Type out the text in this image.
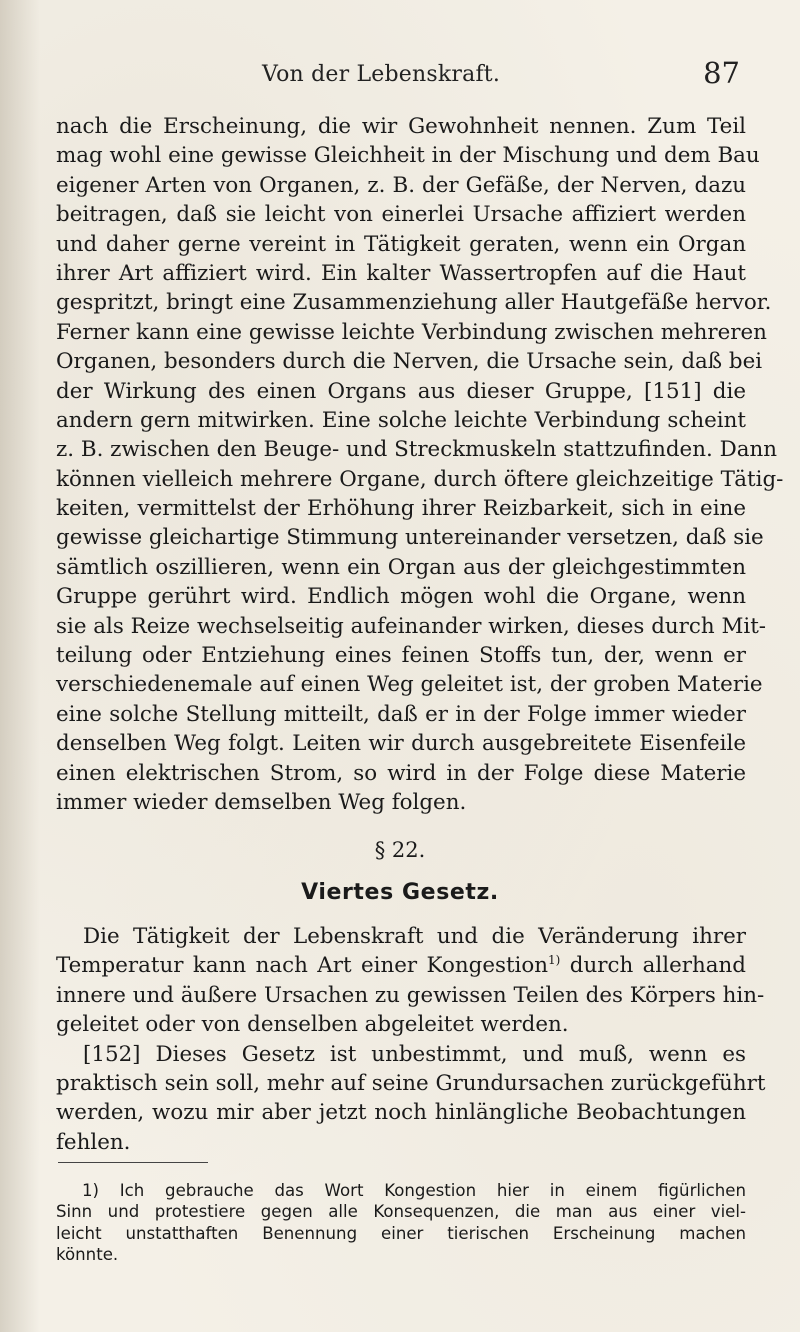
Von der Lebenskraft.	87
nach die Erscheinung, die wir Gewohnheit nennen. Zum Teil
mag wohl eine gewisse Gleichheit in der Mischung und dem Bau
eigener Arten von Organen, z. B. der Gefäße, der Nerven, dazu
beitragen, daß sie leicht von einerlei Ursache affiziert werden
und daher gerne vereint in Tätigkeit geraten, wenn ein Organ
ihrer Art affiziert wird. Ein kalter Wassertropfen auf die Haut
gespritzt, bringt eine Zusammenziehung aller Hautgefäße hervor.
Ferner kann eine gewisse leichte Verbindung zwischen mehreren
Organen, besonders durch die Nerven, die Ursache sein, daß bei
der Wirkung des einen Organs aus dieser Gruppe, [151] die
andern gern mitwirken. Eine solche leichte Verbindung scheint
z. B. zwischen den Beuge- und Streckmuskeln stattzufinden. Dann
können vielleich mehrere Organe, durch öftere gleichzeitige Tätig-
keiten, vermittelst der Erhöhung ihrer Reizbarkeit, sich in eine
gewisse gleichartige Stimmung untereinander versetzen, daß sie
sämtlich oszillieren, wenn ein Organ aus der gleichgestimmten
Gruppe gerührt wird. Endlich mögen wohl die Organe, wenn
sie als Reize wechselseitig aufeinander wirken, dieses durch Mit-
teilung oder Entziehung eines feinen Stoffs tun, der, wenn er
verschiedenemale auf einen Weg geleitet ist, der groben Materie
eine solche Stellung mitteilt, daß er in der Folge immer wieder
denselben Weg folgt. Leiten wir durch ausgebreitete Eisenfeile
einen elektrischen Strom, so wird in der Folge diese Materie
immer wieder demselben Weg folgen.
§ 22.
Viertes Gesetz.
Die Tätigkeit der Lebenskraft und die Veränderung ihrer
Temperatur kann nach Art einer Kongestion$^{1)}$ durch allerhand
innere und äußere Ursachen zu gewissen Teilen des Körpers hin-
geleitet oder von denselben abgeleitet werden.
[152] Dieses Gesetz ist unbestimmt, und muß, wenn es
praktisch sein soll, mehr auf seine Grundursachen zurückgeführt
werden, wozu mir aber jetzt noch hinlängliche Beobachtungen
fehlen.
1) Ich gebrauche das Wort Kongestion hier in einem figürlichen
Sinn und protestiere gegen alle Konsequenzen, die man aus einer viel-
leicht unstatthaften Benennung einer tierischen Erscheinung machen
könnte.
